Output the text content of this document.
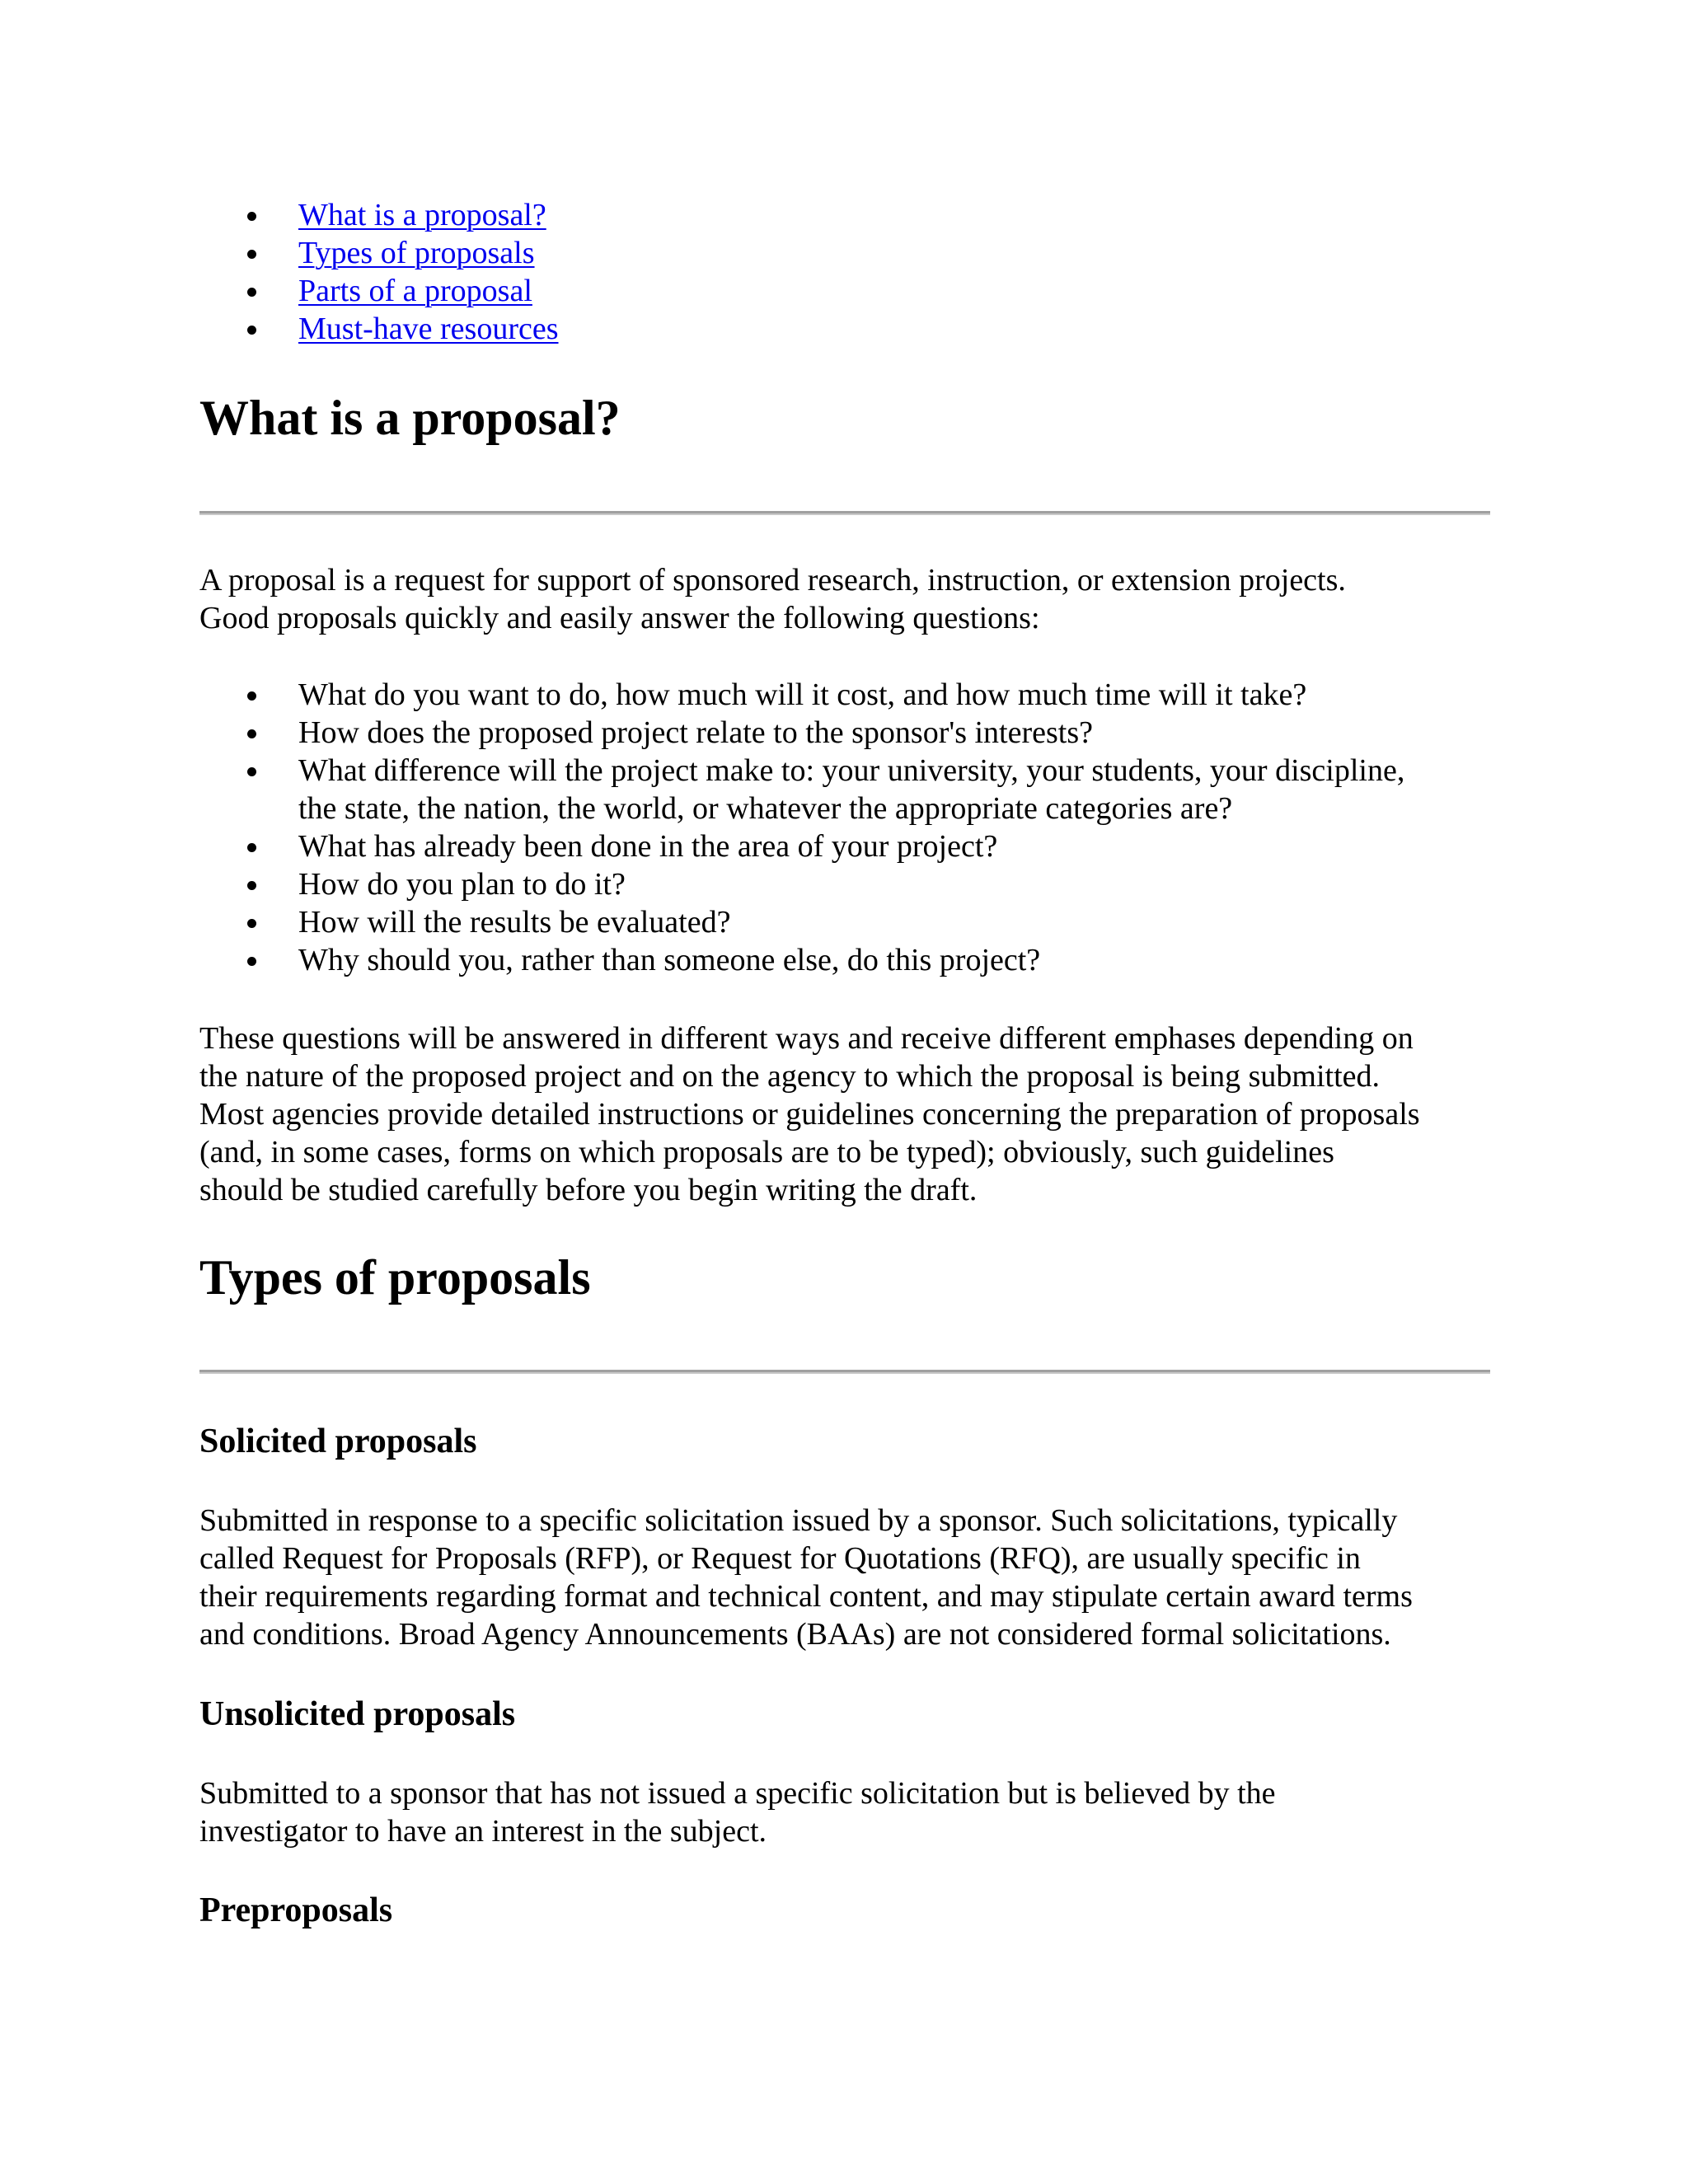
What is a proposal?
Types of proposals
Parts of a proposal
Must-have resources
What is a proposal?

A proposal is a request for support of sponsored research, instruction, or extension projects.
Good proposals quickly and easily answer the following questions:

What do you want to do, how much will it cost, and how much time will it take?
How does the proposed project relate to the sponsor's interests?
What difference will the project make to: your university, your students, your discipline,
the state, the nation, the world, or whatever the appropriate categories are?
What has already been done in the area of your project?
How do you plan to do it?
How will the results be evaluated?
Why should you, rather than someone else, do this project?

These questions will be answered in different ways and receive different emphases depending on
the nature of the proposed project and on the agency to which the proposal is being submitted.
Most agencies provide detailed instructions or guidelines concerning the preparation of proposals
(and, in some cases, forms on which proposals are to be typed); obviously, such guidelines
should be studied carefully before you begin writing the draft.

Types of proposals
Solicited proposals

Submitted in response to a specific solicitation issued by a sponsor. Such solicitations, typically
called Request for Proposals (RFP), or Request for Quotations (RFQ), are usually specific in
their requirements regarding format and technical content, and may stipulate certain award terms
and conditions. Broad Agency Announcements (BAAs) are not considered formal solicitations.

Unsolicited proposals

Submitted to a sponsor that has not issued a specific solicitation but is believed by the
investigator to have an interest in the subject.

Preproposals
